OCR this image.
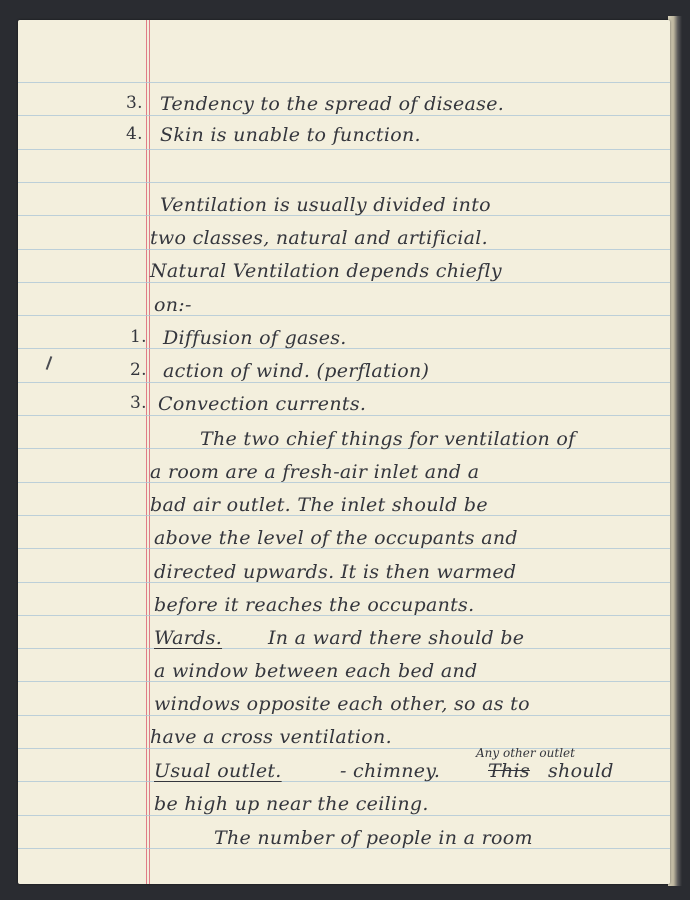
3. Tendency to the spread of disease.
4. Skin is unable to function.
Ventilation is usually divided into
two classes, natural and artificial.
Natural Ventilation depends chiefly
on:-
1. Diffusion of gases.
2. action of wind. (perflation)
3. Convection currents.
The two chief things for ventilation of
a room are a fresh-air inlet and a
bad air outlet. The inlet should be
above the level of the occupants and
directed upwards. It is then warmed
before it reaches the occupants.
Wards. In a ward there should be
a window between each bed and
windows opposite each other, so as to
have a cross ventilation.
Any other outlet
Usual outlet.	- chimney.	This should
be high up near the ceiling.
The number of people in a room
